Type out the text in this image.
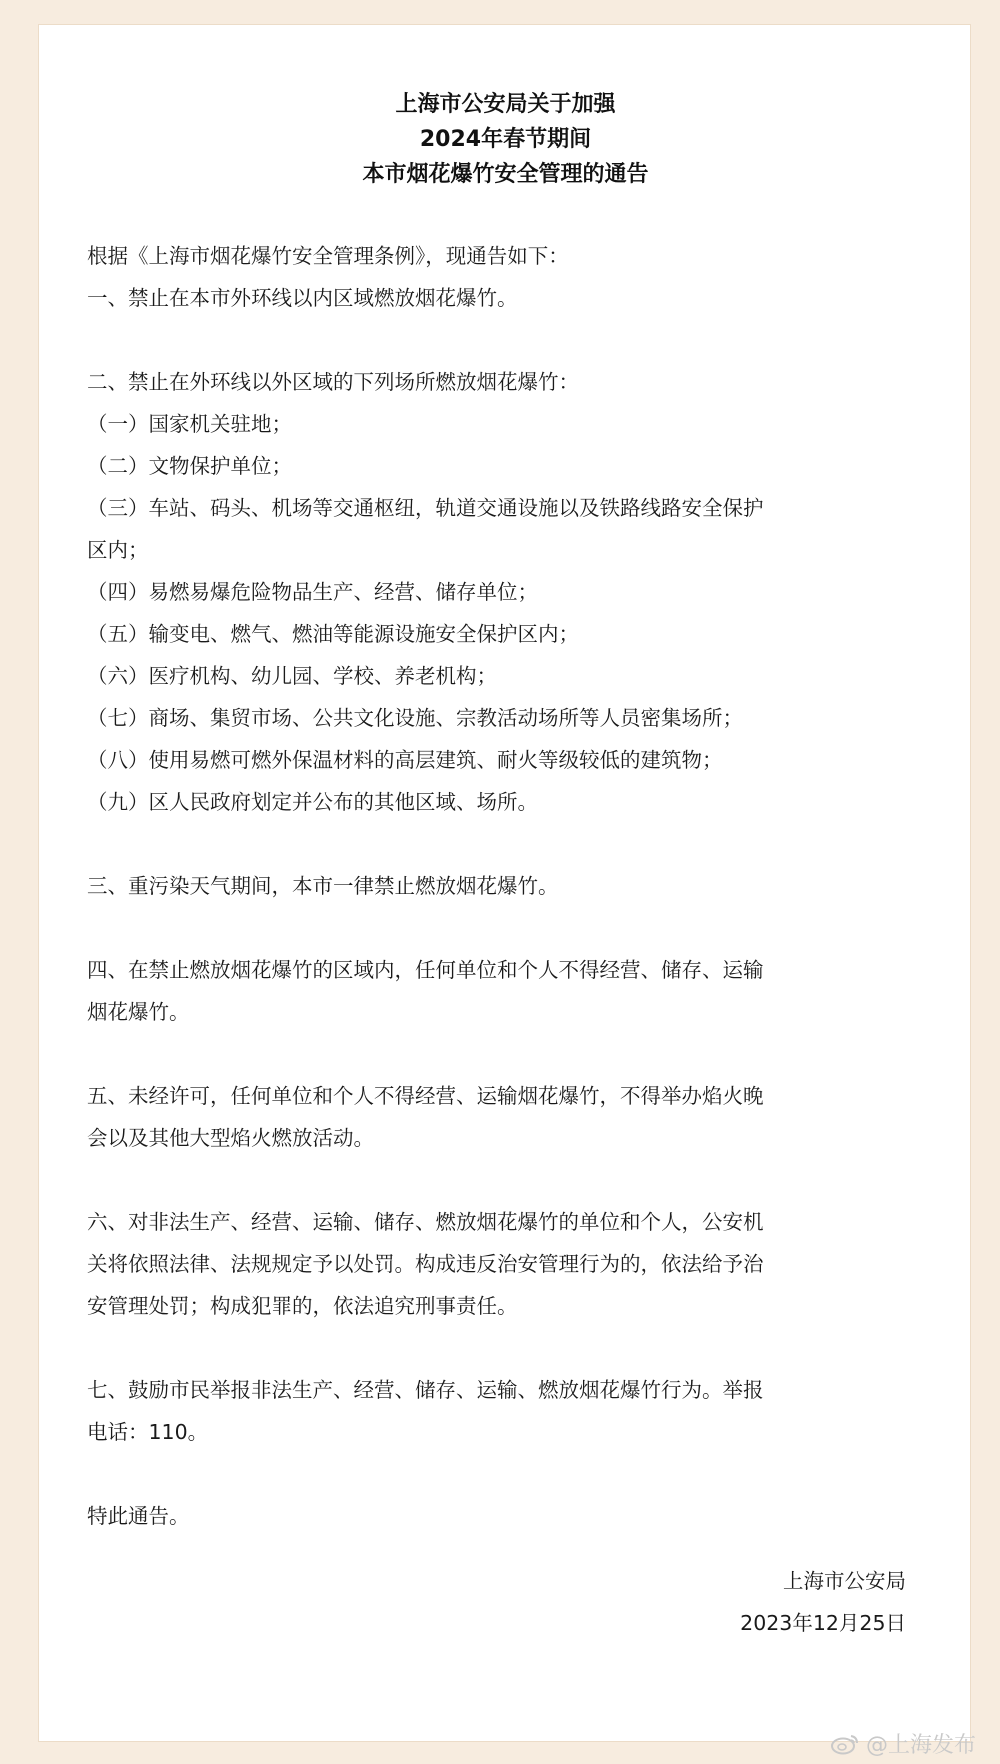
上海市公安局关于加强
2024年春节期间
本市烟花爆竹安全管理的通告
根据《上海市烟花爆竹安全管理条例》，现通告如下：
一、禁止在本市外环线以内区域燃放烟花爆竹。
二、禁止在外环线以外区域的下列场所燃放烟花爆竹：
（一）国家机关驻地；
（二）文物保护单位；
（三）车站、码头、机场等交通枢纽，轨道交通设施以及铁路线路安全保护
区内；
（四）易燃易爆危险物品生产、经营、储存单位；
（五）输变电、燃气、燃油等能源设施安全保护区内；
（六）医疗机构、幼儿园、学校、养老机构；
（七）商场、集贸市场、公共文化设施、宗教活动场所等人员密集场所；
（八）使用易燃可燃外保温材料的高层建筑、耐火等级较低的建筑物；
（九）区人民政府划定并公布的其他区域、场所。
三、重污染天气期间，本市一律禁止燃放烟花爆竹。
四、在禁止燃放烟花爆竹的区域内，任何单位和个人不得经营、储存、运输
烟花爆竹。
五、未经许可，任何单位和个人不得经营、运输烟花爆竹，不得举办焰火晚
会以及其他大型焰火燃放活动。
六、对非法生产、经营、运输、储存、燃放烟花爆竹的单位和个人，公安机
关将依照法律、法规规定予以处罚。构成违反治安管理行为的，依法给予治
安管理处罚；构成犯罪的，依法追究刑事责任。
七、鼓励市民举报非法生产、经营、储存、运输、燃放烟花爆竹行为。举报
电话：110。
特此通告。
上海市公安局
2023年12月25日
@上海发布
